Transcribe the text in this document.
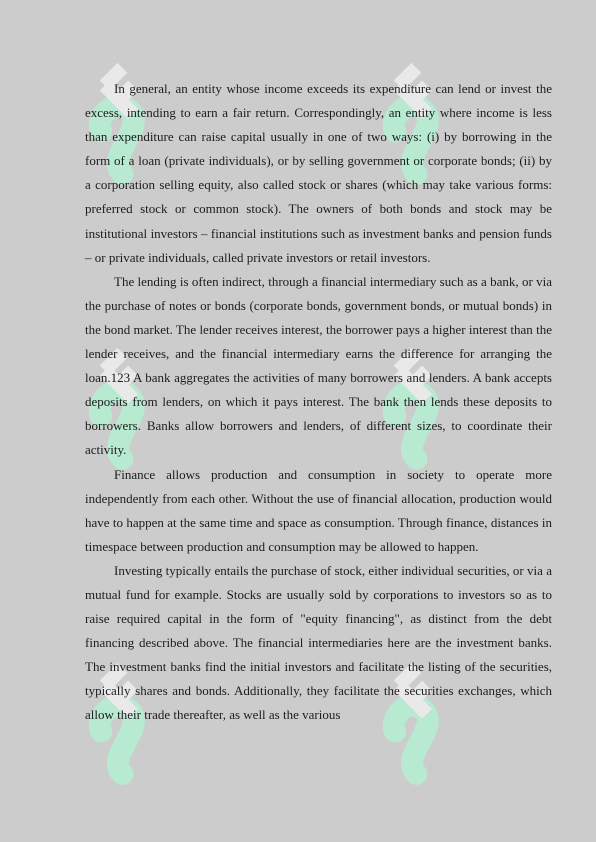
In general, an entity whose income exceeds its expenditure can lend or invest the excess, intending to earn a fair return. Correspondingly, an entity where income is less than expenditure can raise capital usually in one of two ways: (i) by borrowing in the form of a loan (private individuals), or by selling government or corporate bonds; (ii) by a corporation selling equity, also called stock or shares (which may take various forms: preferred stock or common stock). The owners of both bonds and stock may be institutional investors – financial institutions such as investment banks and pension funds – or private individuals, called private investors or retail investors.

The lending is often indirect, through a financial intermediary such as a bank, or via the purchase of notes or bonds (corporate bonds, government bonds, or mutual bonds) in the bond market. The lender receives interest, the borrower pays a higher interest than the lender receives, and the financial intermediary earns the difference for arranging the loan.123 A bank aggregates the activities of many borrowers and lenders. A bank accepts deposits from lenders, on which it pays interest. The bank then lends these deposits to borrowers. Banks allow borrowers and lenders, of different sizes, to coordinate their activity.

Finance allows production and consumption in society to operate more independently from each other. Without the use of financial allocation, production would have to happen at the same time and space as consumption. Through finance, distances in timespace between production and consumption may be allowed to happen.

Investing typically entails the purchase of stock, either individual securities, or via a mutual fund for example. Stocks are usually sold by corporations to investors so as to raise required capital in the form of "equity financing", as distinct from the debt financing described above. The financial intermediaries here are the investment banks. The investment banks find the initial investors and facilitate the listing of the securities, typically shares and bonds. Additionally, they facilitate the securities exchanges, which allow their trade thereafter, as well as the various
